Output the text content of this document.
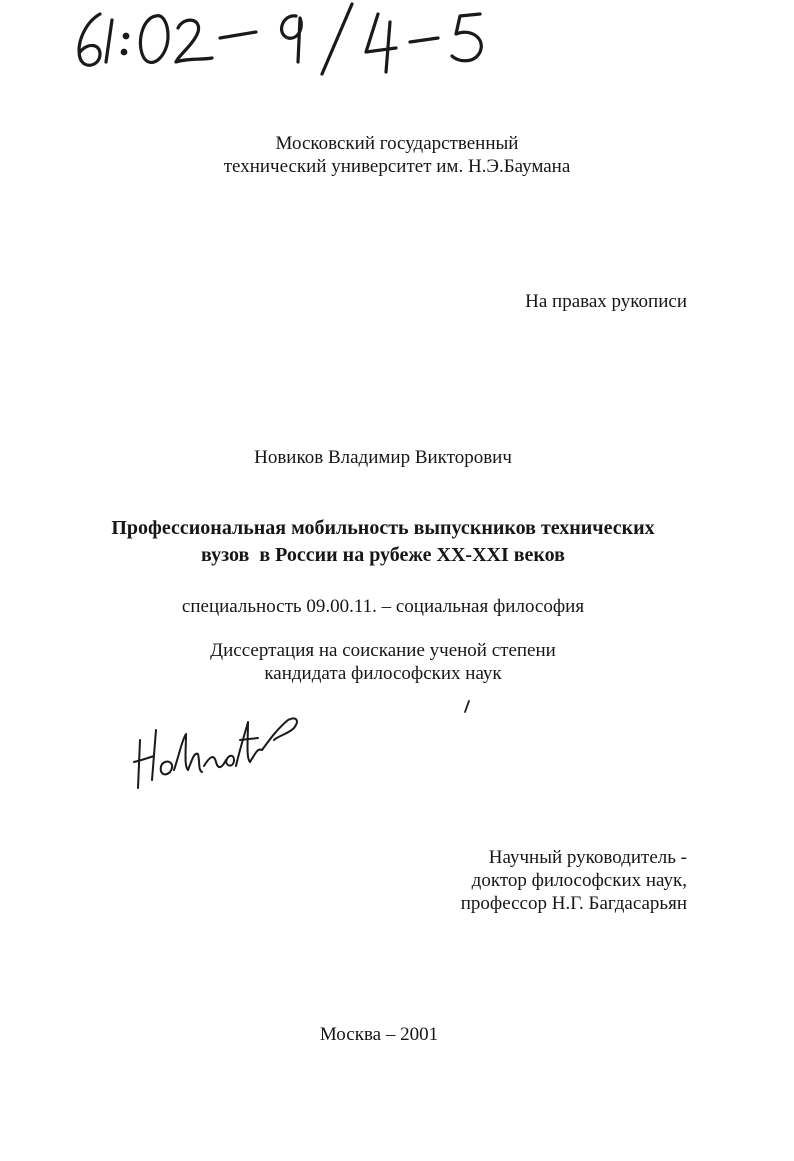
Московский государственный
технический университет им. Н.Э.Баумана
На правах рукописи
Новиков Владимир Викторович
Профессиональная мобильность выпускников технических
вузов  в России на рубеже XX-XXI веков
специальность 09.00.11. – социальная философия
Диссертация на соискание ученой степени
кандидата философских наук
Научный руководитель -
доктор философских наук,
профессор Н.Г. Багдасарьян
Москва – 2001
